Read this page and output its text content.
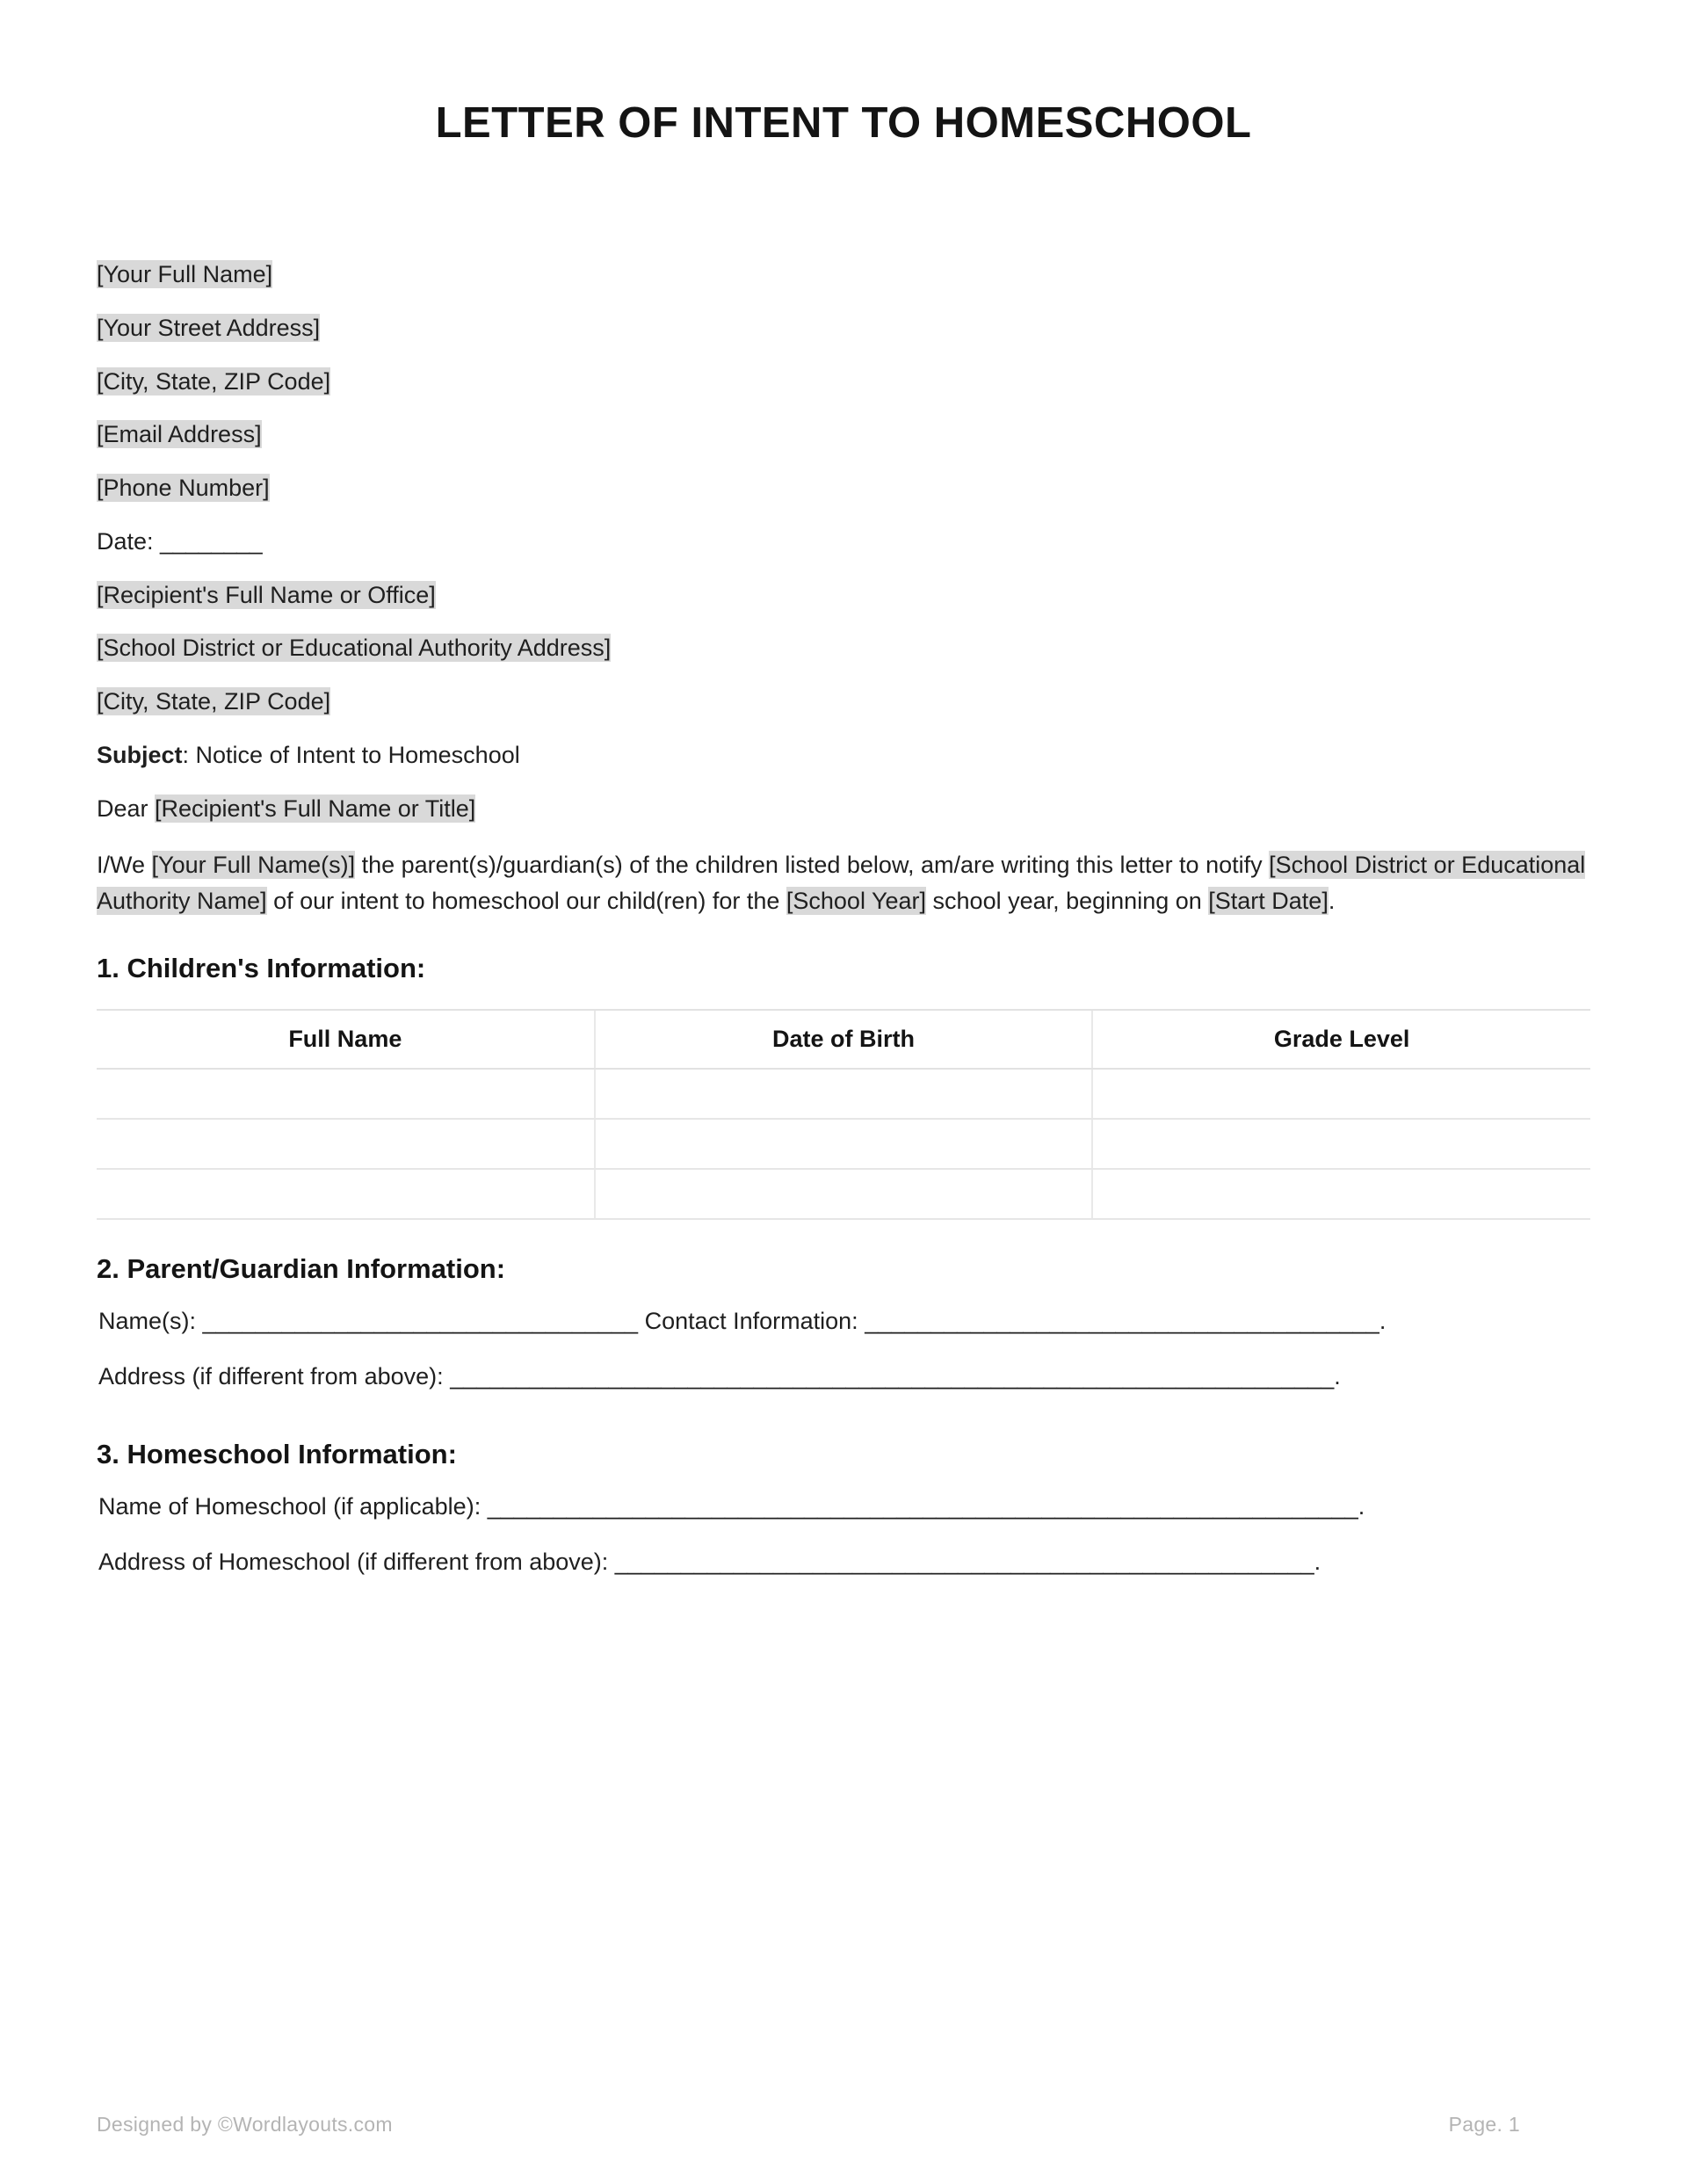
LETTER OF INTENT TO HOMESCHOOL

[Your Full Name]

[Your Street Address]

[City, State, ZIP Code]

[Email Address]

[Phone Number]

Date: ________

[Recipient's Full Name or Office]

[School District or Educational Authority Address]

[City, State, ZIP Code]

Subject: Notice of Intent to Homeschool

Dear [Recipient's Full Name or Title]

I/We [Your Full Name(s)] the parent(s)/guardian(s) of the children listed below, am/are writing this letter to notify [School District or Educational Authority Name] of our intent to homeschool our child(ren) for the [School Year] school year, beginning on [Start Date].

1. Children's Information:
Full Name	Date of Birth	Grade Level

2. Parent/Guardian Information:

Name(s): _________________________________ Contact Information: _______________________________________.

Address (if different from above): ___________________________________________________________________.

3. Homeschool Information:

Name of Homeschool (if applicable): __________________________________________________________________.

Address of Homeschool (if different from above): _____________________________________________________.

Designed by ©Wordlayouts.com	Page. 1
